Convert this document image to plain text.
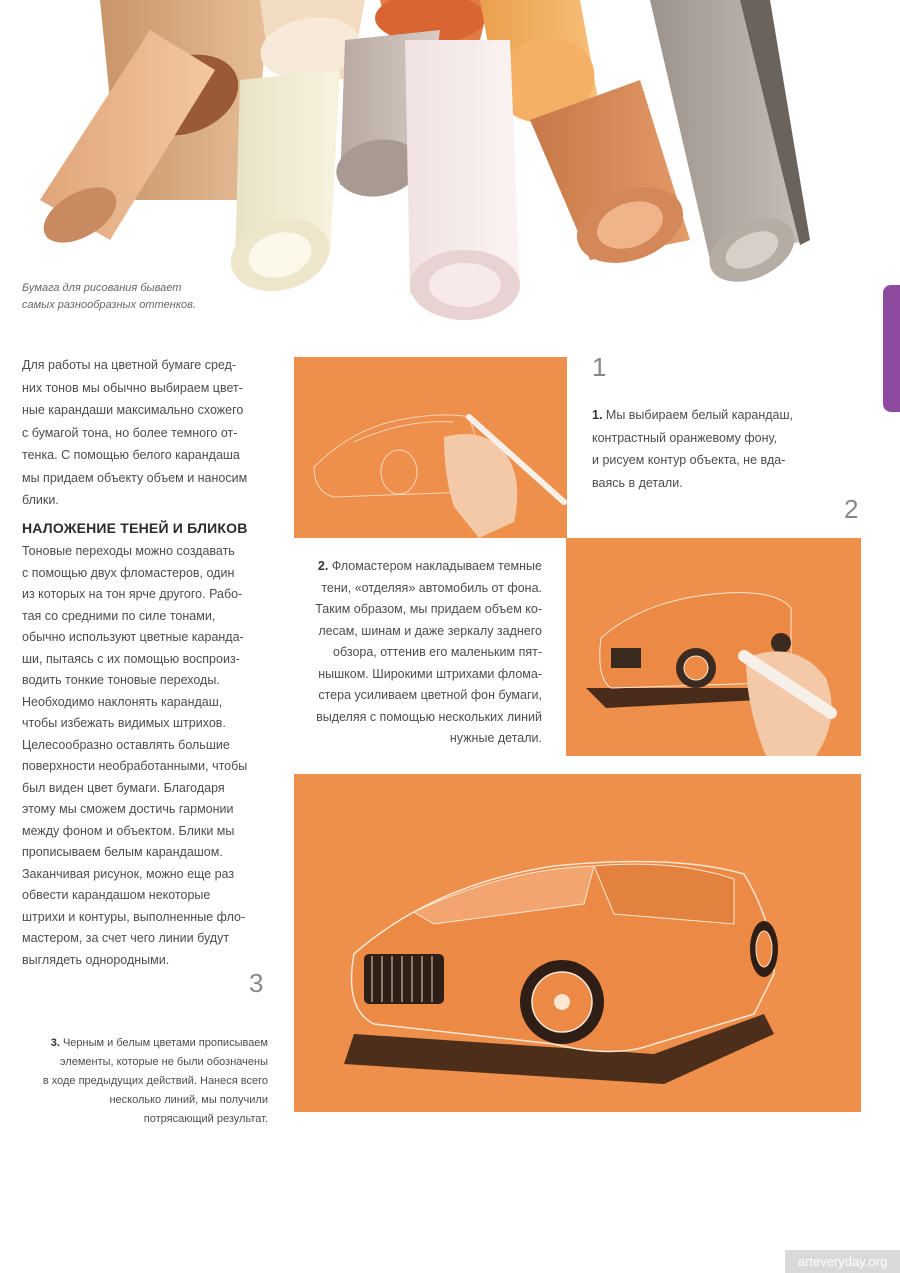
Бумага для рисования бывает
самых разнообразных оттенков.
Для работы на цветной бумаге сред-
них тонов мы обычно выбираем цвет-
ные карандаши максимально схожего
с бумагой тона, но более темного от-
тенка. С помощью белого карандаша
мы придаем объекту объем и наносим
блики.
НАЛОЖЕНИЕ ТЕНЕЙ И БЛИКОВ
Тоновые переходы можно создавать
с помощью двух фломастеров, один
из которых на тон ярче другого. Рабо-
тая со средними по силе тонами,
обычно используют цветные каранда-
ши, пытаясь с их помощью воспроиз-
водить тонкие тоновые переходы.
Необходимо наклонять карандаш,
чтобы избежать видимых штрихов.
Целесообразно оставлять большие
поверхности необработанными, чтобы
был виден цвет бумаги. Благодаря
этому мы сможем достичь гармонии
между фоном и объектом. Блики мы
прописываем белым карандашом.
Заканчивая рисунок, можно еще раз
обвести карандашом некоторые
штрихи и контуры, выполненные фло-
мастером, за счет чего линии будут
выглядеть однородными.
1
2
3
1. Мы выбираем белый карандаш,
контрастный оранжевому фону,
и рисуем контур объекта, не вда-
ваясь в детали.
2. Фломастером накладываем темные
тени, «отделяя» автомобиль от фона.
Таким образом, мы придаем объем ко-
лесам, шинам и даже зеркалу заднего
обзора, оттенив его маленьким пят-
нышком. Широкими штрихами флома-
стера усиливаем цветной фон бумаги,
выделяя с помощью нескольких линий
нужные детали.
3. Черным и белым цветами прописываем
элементы, которые не были обозначены
в ходе предыдущих действий. Нанеся всего
несколько линий, мы получили
потрясающий результат.
arteveryday.org
